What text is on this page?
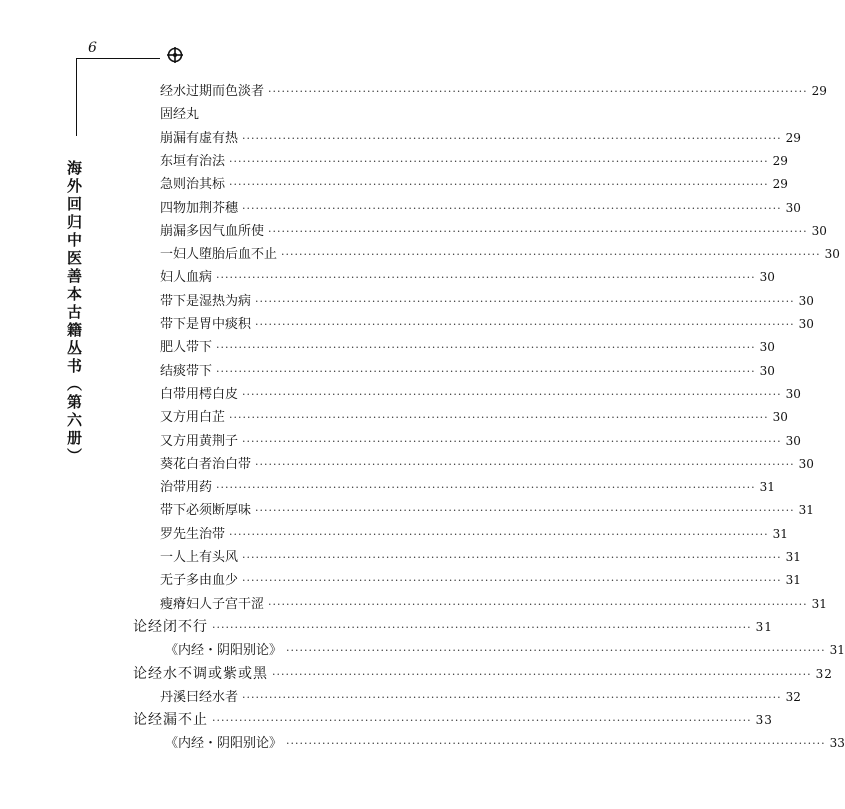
6
海外回归中医善本古籍丛书（第六册）
经水过期而色淡者 ························································································································ 29
固经丸
崩漏有虚有热 ························································································································ 29
东垣有治法 ························································································································ 29
急则治其标 ························································································································ 29
四物加荆芥穗 ························································································································ 30
崩漏多因气血所使 ························································································································ 30
一妇人堕胎后血不止 ························································································································ 30
妇人血病 ························································································································ 30
带下是湿热为病 ························································································································ 30
带下是胃中痰积 ························································································································ 30
肥人带下 ························································································································ 30
结痰带下 ························································································································ 30
白带用樗白皮 ························································································································ 30
又方用白芷 ························································································································ 30
又方用黄荆子 ························································································································ 30
葵花白者治白带 ························································································································ 30
治带用药 ························································································································ 31
带下必须断厚味 ························································································································ 31
罗先生治带 ························································································································ 31
一人上有头风 ························································································································ 31
无子多由血少 ························································································································ 31
瘦瘠妇人子宫干涩 ························································································································ 31
论经闭不行 ························································································································ 31
《内经・阴阳别论》 ························································································································ 31
论经水不调或紫或黑 ························································································································ 32
丹溪曰经水者 ························································································································ 32
论经漏不止 ························································································································ 33
《内经・阴阳别论》 ························································································································ 33
